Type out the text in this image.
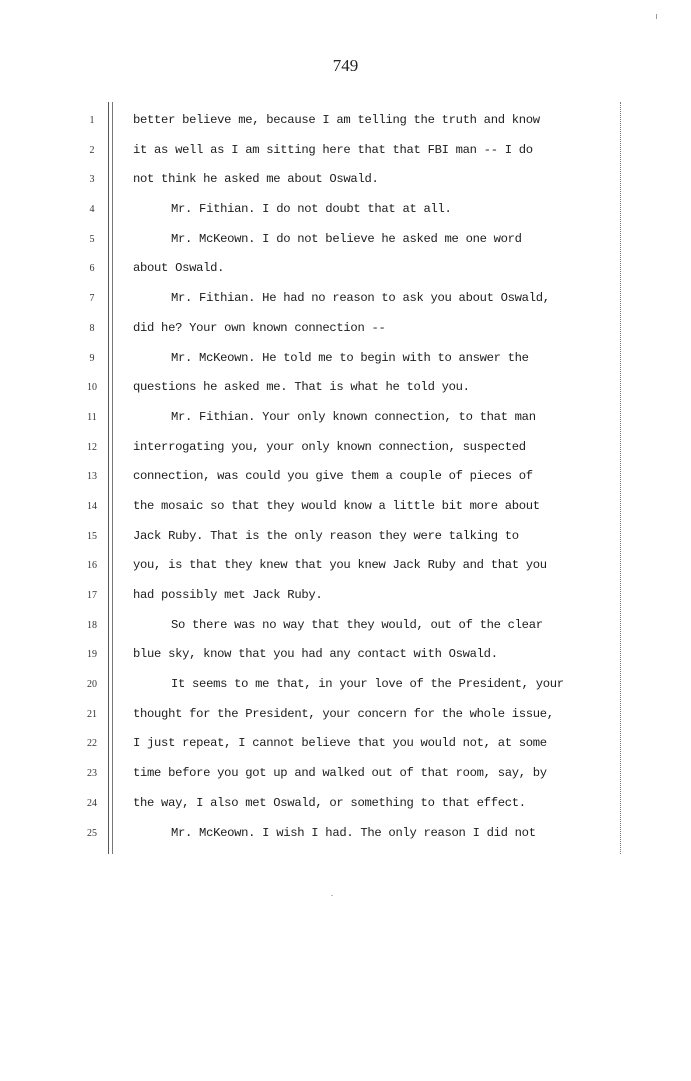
749
1
2
3
4
5
6
7
8
9
10
11
12
13
14
15
16
17
18
19
20
21
22
23
24
25
better believe me, because I am telling the truth and know
it as well as I am sitting here that that FBI man -- I do
not think he asked me about Oswald.
Mr. Fithian. I do not doubt that at all.
Mr. McKeown. I do not believe he asked me one word
about Oswald.
Mr. Fithian. He had no reason to ask you about Oswald,
did he? Your own known connection --
Mr. McKeown. He told me to begin with to answer the
questions he asked me. That is what he told you.
Mr. Fithian. Your only known connection, to that man
interrogating you, your only known connection, suspected
connection, was could you give them a couple of pieces of
the mosaic so that they would know a little bit more about
Jack Ruby. That is the only reason they were talking to
you, is that they knew that you knew Jack Ruby and that you
had possibly met Jack Ruby.
So there was no way that they would, out of the clear
blue sky, know that you had any contact with Oswald.
It seems to me that, in your love of the President, your
thought for the President, your concern for the whole issue,
I just repeat, I cannot believe that you would not, at some
time before you got up and walked out of that room, say, by
the way, I also met Oswald, or something to that effect.
Mr. McKeown. I wish I had. The only reason I did not
